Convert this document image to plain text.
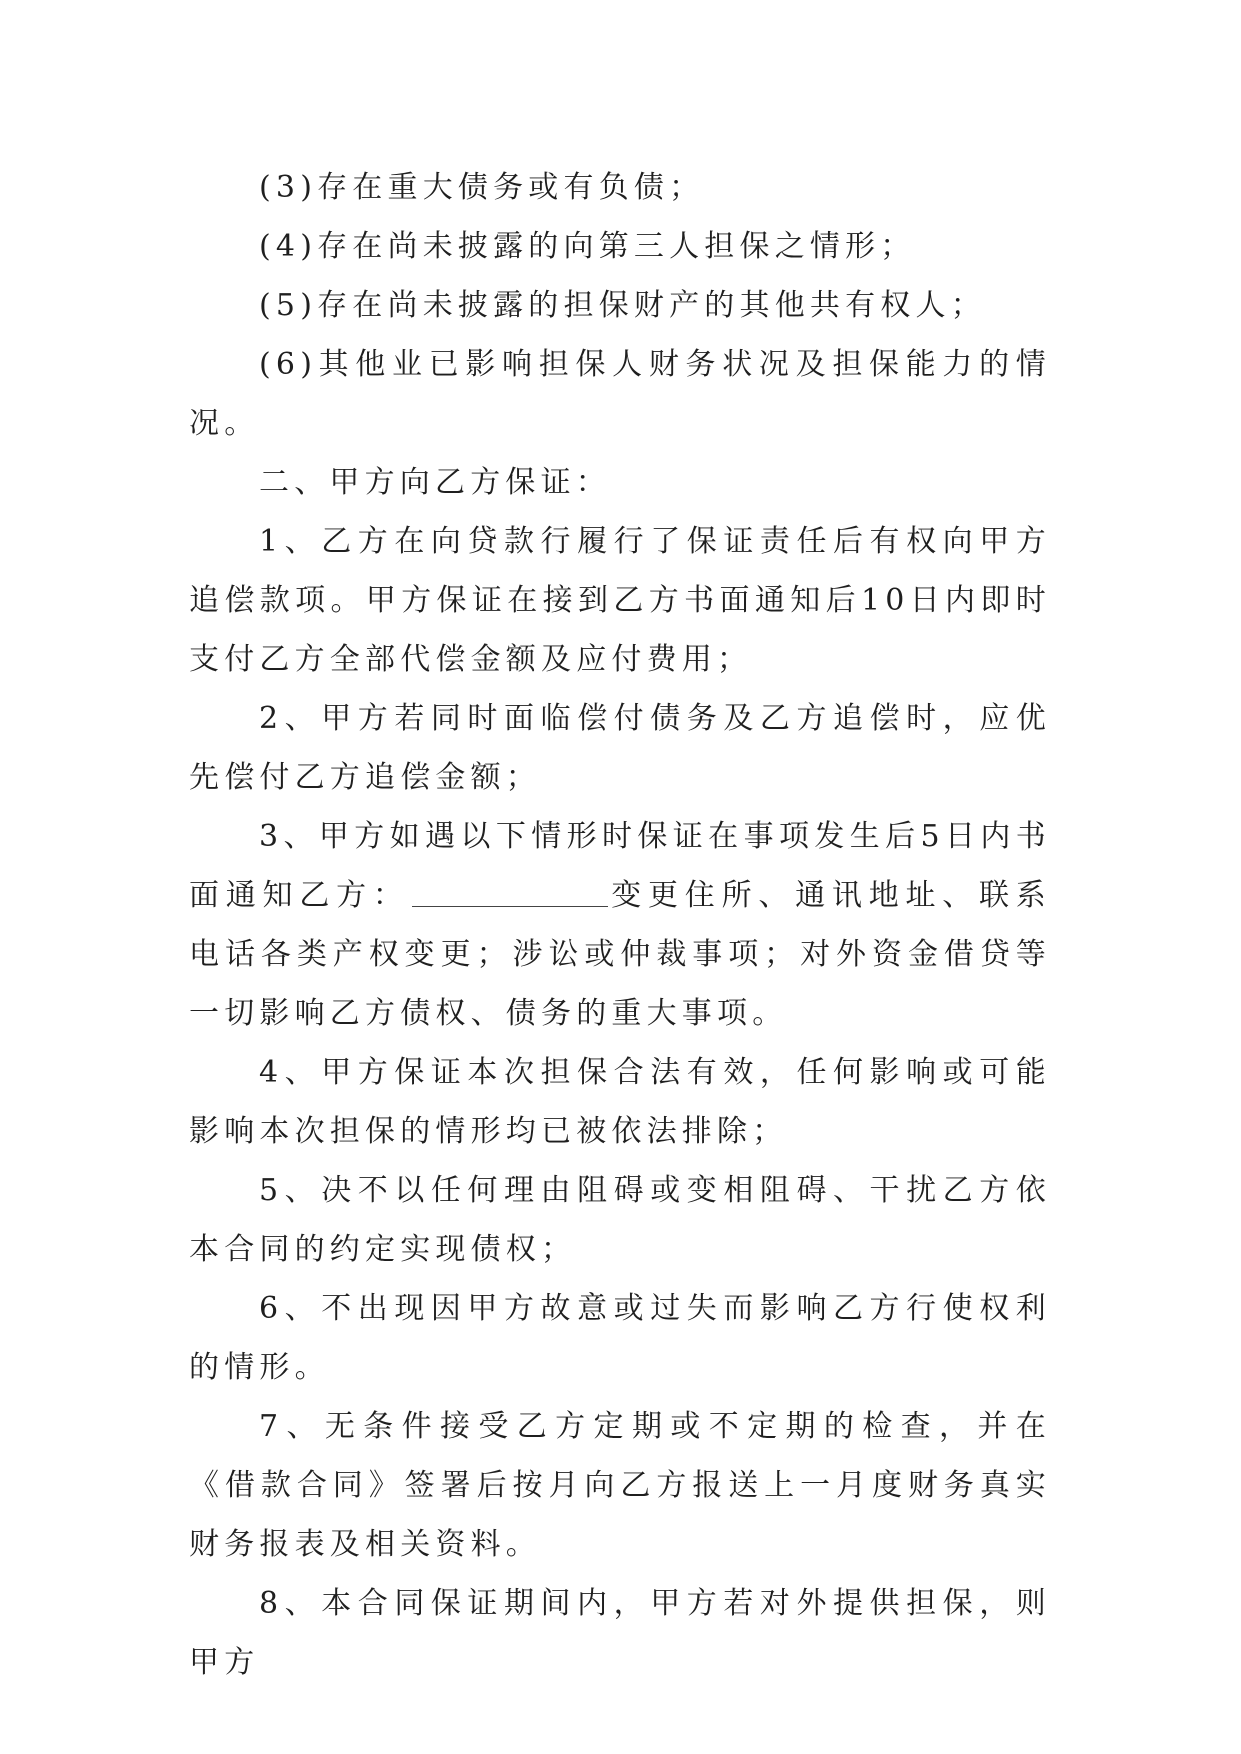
(3)存在重大债务或有负债；

(4)存在尚未披露的向第三人担保之情形；

(5)存在尚未披露的担保财产的其他共有权人；

(6)其他业已影响担保人财务状况及担保能力的情况。

二、甲方向乙方保证：

1、乙方在向贷款行履行了保证责任后有权向甲方追偿款项。甲方保证在接到乙方书面通知后10日内即时支付乙方全部代偿金额及应付费用；

2、甲方若同时面临偿付债务及乙方追偿时，应优先偿付乙方追偿金额；

3、甲方如遇以下情形时保证在事项发生后5日内书面通知乙方：	变更住所、通讯地址、联系电话各类产权变更；涉讼或仲裁事项；对外资金借贷等一切影响乙方债权、债务的重大事项。

4、甲方保证本次担保合法有效，任何影响或可能影响本次担保的情形均已被依法排除；

5、决不以任何理由阻碍或变相阻碍、干扰乙方依本合同的约定实现债权；

6、不出现因甲方故意或过失而影响乙方行使权利的情形。

7、无条件接受乙方定期或不定期的检查，并在《借款合同》签署后按月向乙方报送上一月度财务真实财务报表及相关资料。

8、本合同保证期间内，甲方若对外提供担保，则甲方
